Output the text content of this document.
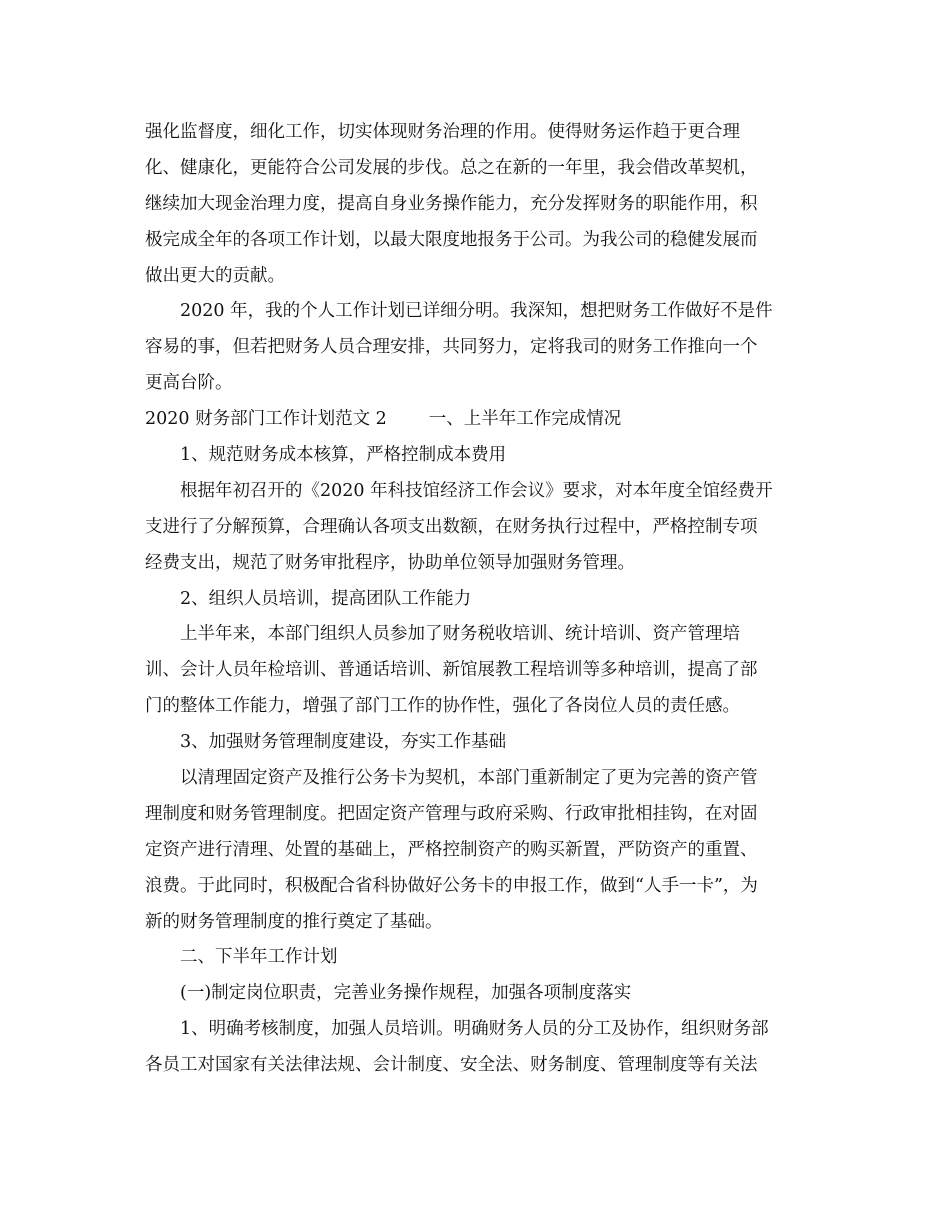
强化监督度，细化工作，切实体现财务治理的作用。使得财务运作趋于更合理
化、健康化，更能符合公司发展的步伐。总之在新的一年里，我会借改革契机，
继续加大现金治理力度，提高自身业务操作能力，充分发挥财务的职能作用，积
极完成全年的各项工作计划，以最大限度地报务于公司。为我公司的稳健发展而
做出更大的贡献。
2020 年，我的个人工作计划已详细分明。我深知，想把财务工作做好不是件
容易的事，但若把财务人员合理安排，共同努力，定将我司的财务工作推向一个
更高台阶。
2020 财务部门工作计划范文 2 一、上半年工作完成情况
1、规范财务成本核算，严格控制成本费用
根据年初召开的《2020 年科技馆经济工作会议》要求，对本年度全馆经费开
支进行了分解预算，合理确认各项支出数额，在财务执行过程中，严格控制专项
经费支出，规范了财务审批程序，协助单位领导加强财务管理。
2、组织人员培训，提高团队工作能力
上半年来，本部门组织人员参加了财务税收培训、统计培训、资产管理培
训、会计人员年检培训、普通话培训、新馆展教工程培训等多种培训，提高了部
门的整体工作能力，增强了部门工作的协作性，强化了各岗位人员的责任感。
3、加强财务管理制度建设，夯实工作基础
以清理固定资产及推行公务卡为契机，本部门重新制定了更为完善的资产管
理制度和财务管理制度。把固定资产管理与政府采购、行政审批相挂钩，在对固
定资产进行清理、处置的基础上，严格控制资产的购买新置，严防资产的重置、
浪费。于此同时，积极配合省科协做好公务卡的申报工作，做到“人手一卡”，为
新的财务管理制度的推行奠定了基础。
二、下半年工作计划
(一)制定岗位职责，完善业务操作规程，加强各项制度落实
1、明确考核制度，加强人员培训。明确财务人员的分工及协作，组织财务部
各员工对国家有关法律法规、会计制度、安全法、财务制度、管理制度等有关法
